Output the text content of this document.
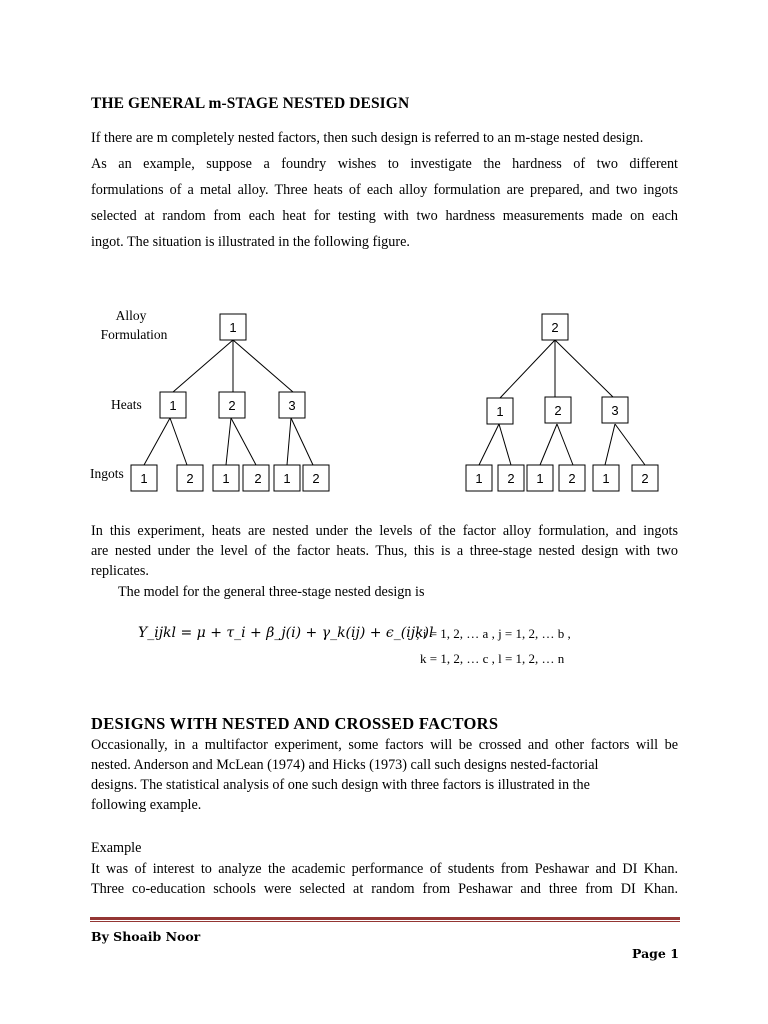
THE GENERAL m-STAGE NESTED DESIGN
If there are m completely nested factors, then such design is referred to an m-stage nested design.
As an example, suppose a foundry wishes to investigate the hardness of two different
formulations of a metal alloy. Three heats of each alloy formulation are prepared, and two ingots
selected at random from each heat for testing with two hardness measurements made on each
ingot. The situation is illustrated in the following figure.
Alloy
Formulation
Heats
Ingots
1
1	2	3
1	2 1 2 1 2
2
1	2	3
1 2 1 2 1 2
In this experiment, heats are nested under the levels of the factor alloy formulation, and ingots
are nested under the level of the factor heats. Thus, this is a three-stage nested design with two
replicates.
The model for the general three-stage nested design is
Y_ijkl = μ + τ_i + β_j(i) + γ_k(ij) + ϵ_(ijk)l
; i = 1, 2, … a , j = 1, 2, … b ,
k = 1, 2, … c , l = 1, 2, … n
DESIGNS WITH NESTED AND CROSSED FACTORS
Occasionally, in a multifactor experiment, some factors will be crossed and other factors will be
nested. Anderson and McLean (1974) and Hicks (1973) call such designs nested-factorial
designs. The statistical analysis of one such design with three factors is illustrated in the
following example.
Example
It was of interest to analyze the academic performance of students from Peshawar and DI Khan.
Three co-education schools were selected at random from Peshawar and three from DI Khan.
By Shoaib Noor
Page 1
